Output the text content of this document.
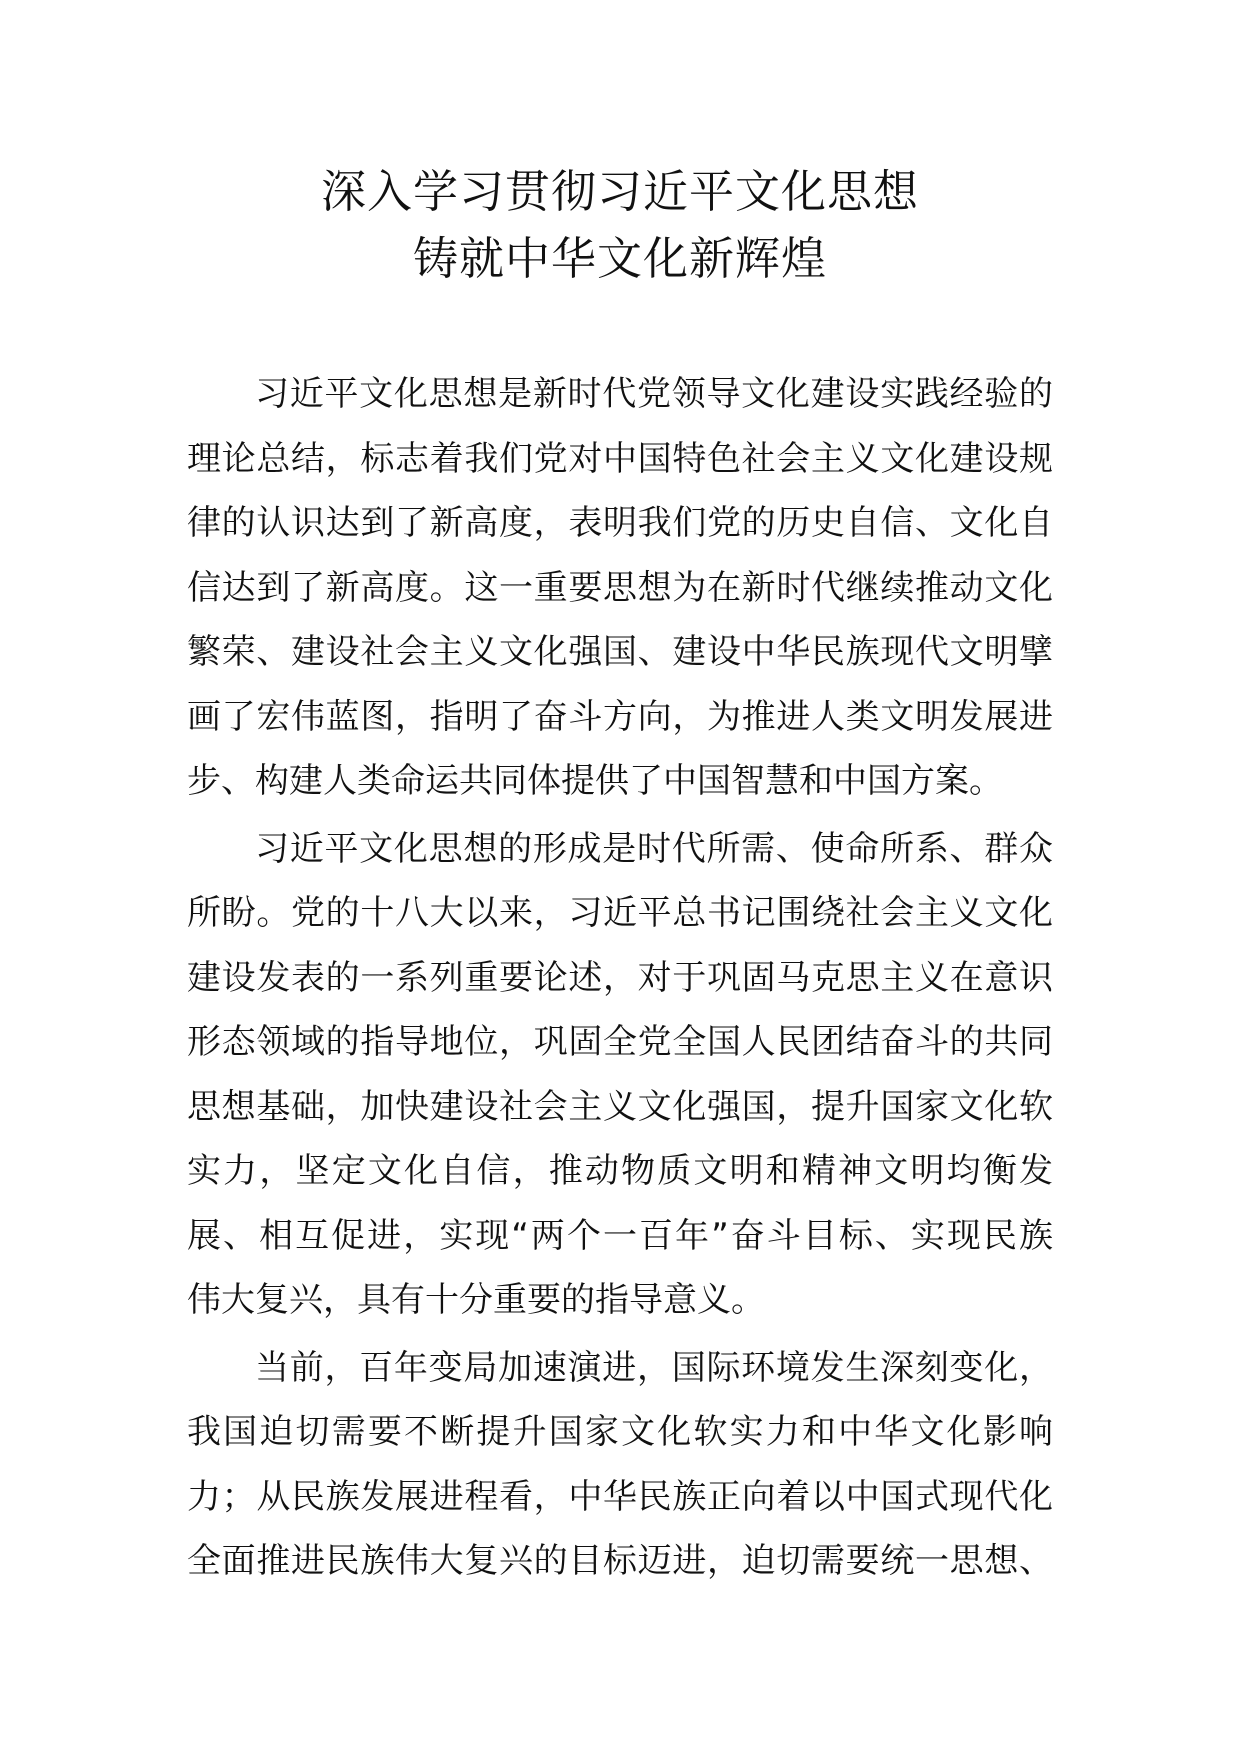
深入学习贯彻习近平文化思想
铸就中华文化新辉煌
习近平文化思想是新时代党领导文化建设实践经验的
理论总结，标志着我们党对中国特色社会主义文化建设规
律的认识达到了新高度，表明我们党的历史自信、文化自
信达到了新高度。这一重要思想为在新时代继续推动文化
繁荣、建设社会主义文化强国、建设中华民族现代文明擘
画了宏伟蓝图，指明了奋斗方向，为推进人类文明发展进
步、构建人类命运共同体提供了中国智慧和中国方案。
习近平文化思想的形成是时代所需、使命所系、群众
所盼。党的十八大以来，习近平总书记围绕社会主义文化
建设发表的一系列重要论述，对于巩固马克思主义在意识
形态领域的指导地位，巩固全党全国人民团结奋斗的共同
思想基础，加快建设社会主义文化强国，提升国家文化软
实力，坚定文化自信，推动物质文明和精神文明均衡发
展、相互促进，实现“两个一百年”奋斗目标、实现民族
伟大复兴，具有十分重要的指导意义。
当前，百年变局加速演进，国际环境发生深刻变化，
我国迫切需要不断提升国家文化软实力和中华文化影响
力；从民族发展进程看，中华民族正向着以中国式现代化
全面推进民族伟大复兴的目标迈进，迫切需要统一思想、
